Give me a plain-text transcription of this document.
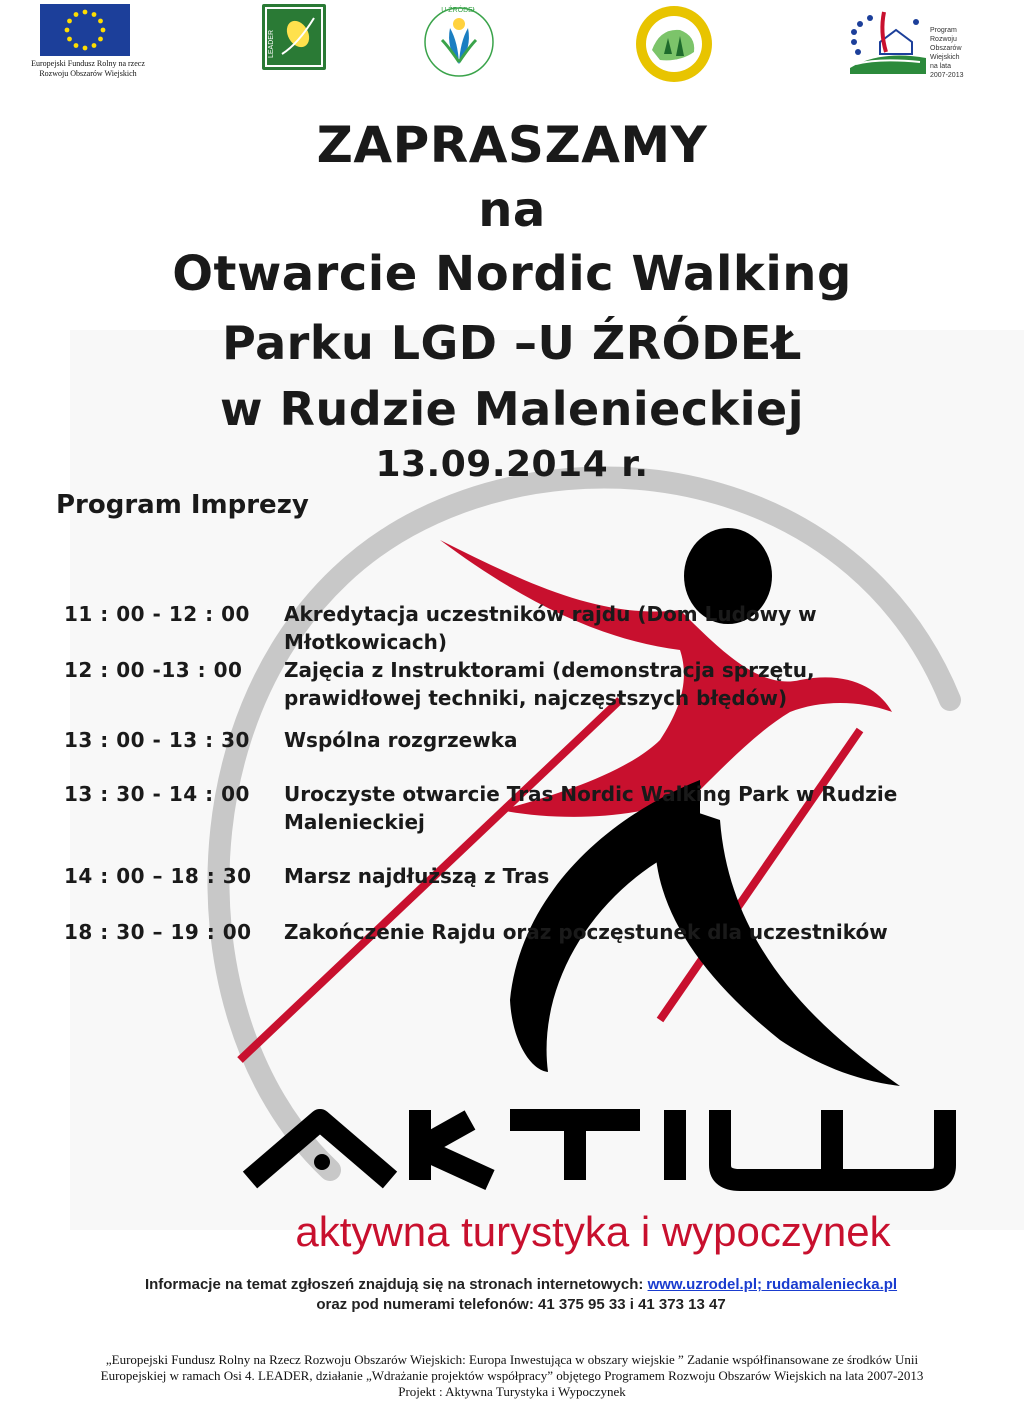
Europejski Fundusz Rolny na rzecz
Rozwoju Obszarów Wiejskich
LEADER
U ŹRÓDEŁ
Program
Rozwoju
Obszarów
Wiejskich
na lata 2007-2013
ZAPRASZAMY
na
Otwarcie Nordic Walking
Parku LGD –U ŹRÓDEŁ
w Rudzie Malenieckiej
13.09.2014 r.
Program Imprezy
11 : 00 - 12 : 00	Akredytacja uczestników rajdu (Dom Ludowy w Młotkowicach)
12 : 00 -13 : 00	Zajęcia z Instruktorami (demonstracja sprzętu, prawidłowej techniki, najczęstszych błędów)
13 : 00 - 13 : 30	Wspólna rozgrzewka
13 : 30 - 14 : 00	Uroczyste otwarcie Tras Nordic Walking Park w Rudzie Maleniecki​ej
14 : 00 – 18 : 30	Marsz najdłuższą z Tras
18 : 30 – 19 : 00	Zakończenie Rajdu oraz poczęstunek dla uczestników
aktywna turystyka i wypoczynek
Informacje na temat zgłoszeń znajdują się na stronach internetowych: www.uzrodel.pl; rudamaleniecka.pl
oraz pod numerami telefonów: 41 375 95 33 i 41 373 13 47
„Europejski Fundusz Rolny na Rzecz Rozwoju Obszarów Wiejskich: Europa Inwestująca w obszary wiejskie ” Zadanie współfinansowane ze środków Unii
Europejskiej w ramach Osi 4. LEADER, działanie „Wdrażanie projektów współpracy” objętego Programem Rozwoju Obszarów Wiejskich na lata 2007-2013
Projekt : Aktywna Turystyka i Wypoczynek
